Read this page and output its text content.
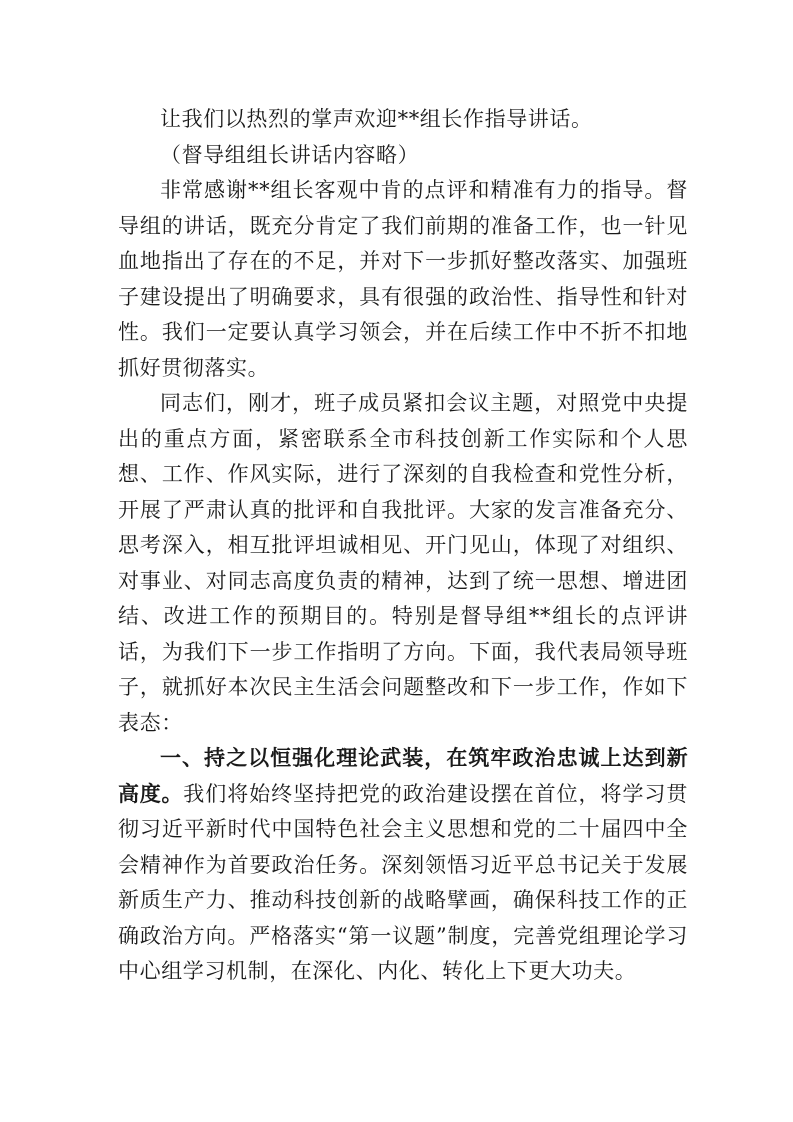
让我们以热烈的掌声欢迎**组长作指导讲话。

（督导组组长讲话内容略）

非常感谢**组长客观中肯的点评和精准有力的指导。督导组的讲话，既充分肯定了我们前期的准备工作，也一针见血地指出了存在的不足，并对下一步抓好整改落实、加强班子建设提出了明确要求，具有很强的政治性、指导性和针对性。我们一定要认真学习领会，并在后续工作中不折不扣地抓好贯彻落实。

同志们，刚才，班子成员紧扣会议主题，对照党中央提出的重点方面，紧密联系全市科技创新工作实际和个人思想、工作、作风实际，进行了深刻的自我检查和党性分析，开展了严肃认真的批评和自我批评。大家的发言准备充分、思考深入，相互批评坦诚相见、开门见山，体现了对组织、对事业、对同志高度负责的精神，达到了统一思想、增进团结、改进工作的预期目的。特别是督导组**组长的点评讲话，为我们下一步工作指明了方向。下面，我代表局领导班子，就抓好本次民主生活会问题整改和下一步工作，作如下表态：

一、持之以恒强化理论武装，在筑牢政治忠诚上达到新高度。我们将始终坚持把党的政治建设摆在首位，将学习贯彻习近平新时代中国特色社会主义思想和党的二十届四中全会精神作为首要政治任务。深刻领悟习近平总书记关于发展新质生产力、推动科技创新的战略擘画，确保科技工作的正确政治方向。严格落实“第一议题”制度，完善党组理论学习中心组学习机制，在深化、内化、转化上下更大功夫。
